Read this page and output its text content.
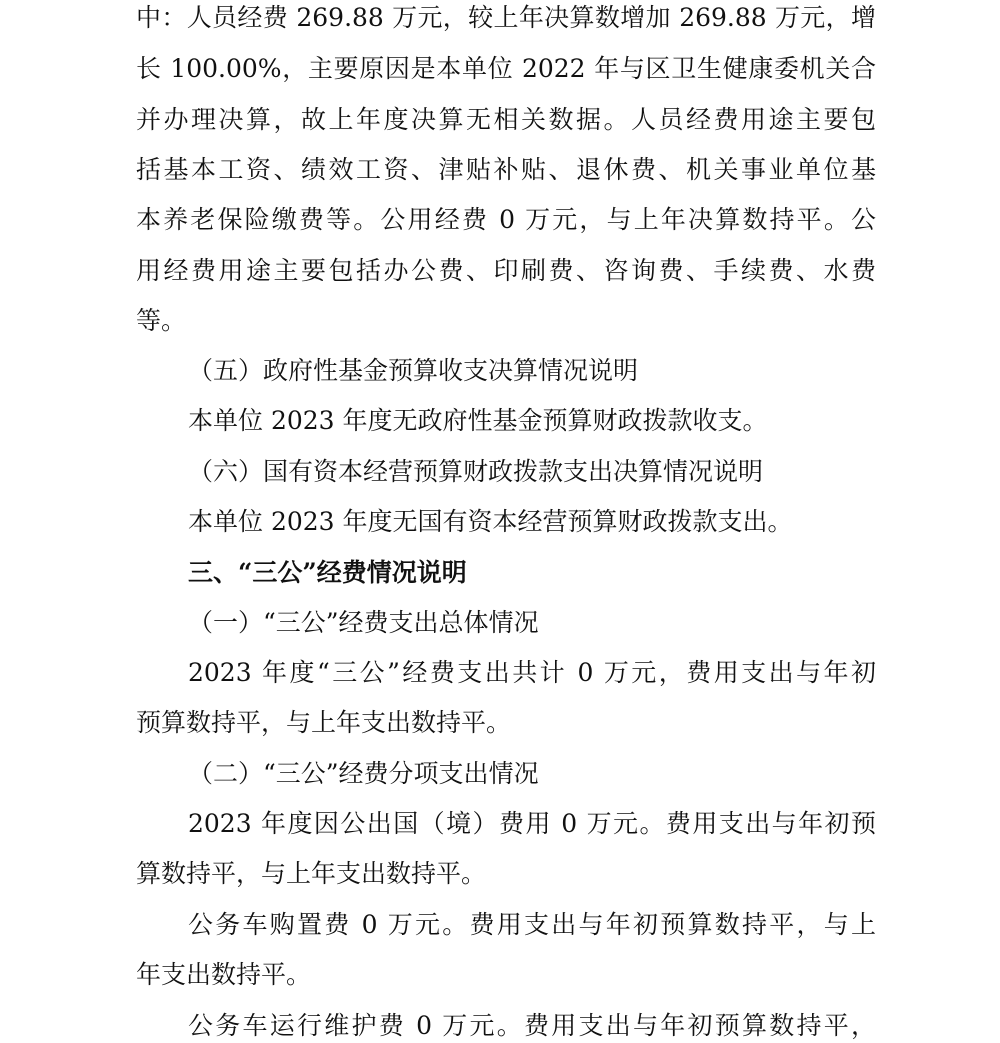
中：人员经费 269.88 万元，较上年决算数增加 269.88 万元，增
长 100.00%，主要原因是本单位 2022 年与区卫生健康委机关合
并办理决算，故上年度决算无相关数据。人员经费用途主要包
括基本工资、绩效工资、津贴补贴、退休费、机关事业单位基
本养老保险缴费等。公用经费 0 万元，与上年决算数持平。公
用经费用途主要包括办公费、印刷费、咨询费、手续费、水费
等。
（五）政府性基金预算收支决算情况说明
本单位 2023 年度无政府性基金预算财政拨款收支。
（六）国有资本经营预算财政拨款支出决算情况说明
本单位 2023 年度无国有资本经营预算财政拨款支出。
三、“三公”经费情况说明
（一）“三公”经费支出总体情况
2023 年度“三公”经费支出共计 0 万元，费用支出与年初
预算数持平，与上年支出数持平。
（二）“三公”经费分项支出情况
2023 年度因公出国（境）费用 0 万元。费用支出与年初预
算数持平，与上年支出数持平。
公务车购置费 0 万元。费用支出与年初预算数持平，与上
年支出数持平。
公务车运行维护费 0 万元。费用支出与年初预算数持平，
